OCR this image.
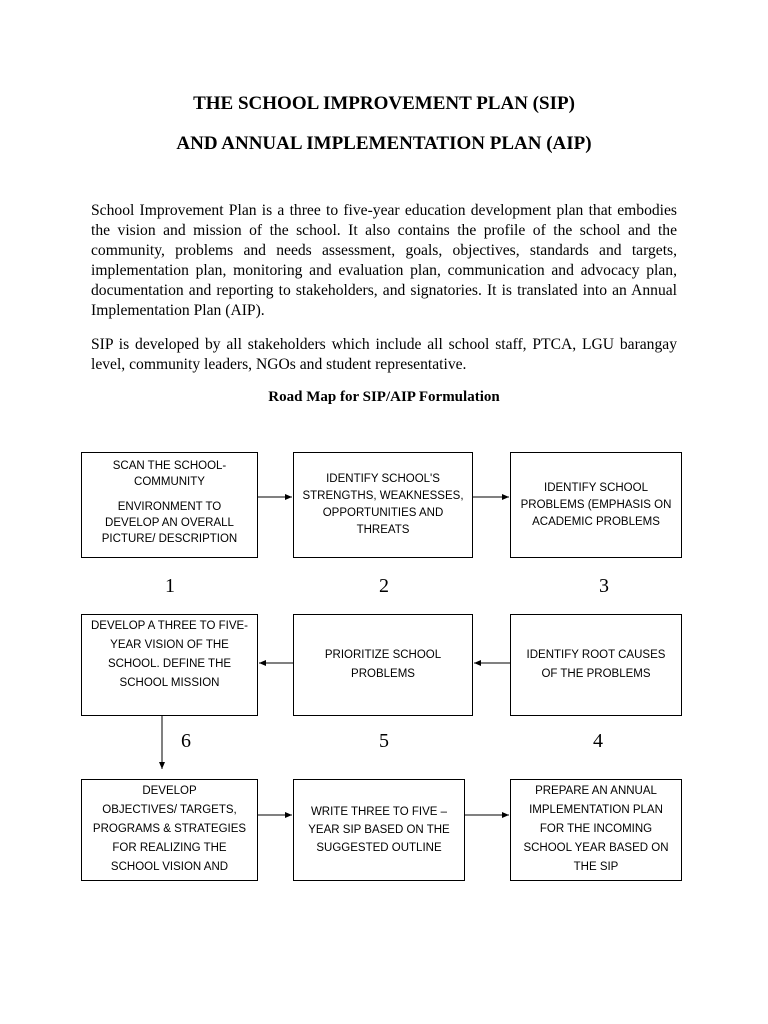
THE SCHOOL IMPROVEMENT PLAN (SIP)
AND ANNUAL IMPLEMENTATION PLAN (AIP)

School Improvement Plan is a three to five-year education development plan that embodies the vision and mission of the school. It also contains the profile of the school and the community, problems and needs assessment, goals, objectives, standards and targets, implementation plan, monitoring and evaluation plan, communication and advocacy plan, documentation and reporting to stakeholders, and signatories. It is translated into an Annual Implementation Plan (AIP).

SIP is developed by all stakeholders which include all school staff, PTCA, LGU barangay level, community leaders, NGOs and student representative.

Road Map for SIP/AIP Formulation
SCAN THE SCHOOL-
COMMUNITY
ENVIRONMENT TO
DEVELOP AN OVERALL
PICTURE/ DESCRIPTION
IDENTIFY SCHOOL'S
STRENGTHS, WEAKNESSES,
OPPORTUNITIES AND
THREATS
IDENTIFY SCHOOL
PROBLEMS (EMPHASIS ON
ACADEMIC PROBLEMS
1	2	3
DEVELOP A THREE TO FIVE-
YEAR VISION OF THE
SCHOOL. DEFINE THE
SCHOOL MISSION
PRIORITIZE SCHOOL
PROBLEMS
IDENTIFY ROOT CAUSES
OF THE PROBLEMS
6	5	4
DEVELOP
OBJECTIVES/ TARGETS,
PROGRAMS & STRATEGIES
FOR REALIZING THE
SCHOOL VISION AND
WRITE THREE TO FIVE –
YEAR SIP BASED ON THE
SUGGESTED OUTLINE
PREPARE AN ANNUAL
IMPLEMENTATION PLAN
FOR THE INCOMING
SCHOOL YEAR BASED ON
THE SIP
